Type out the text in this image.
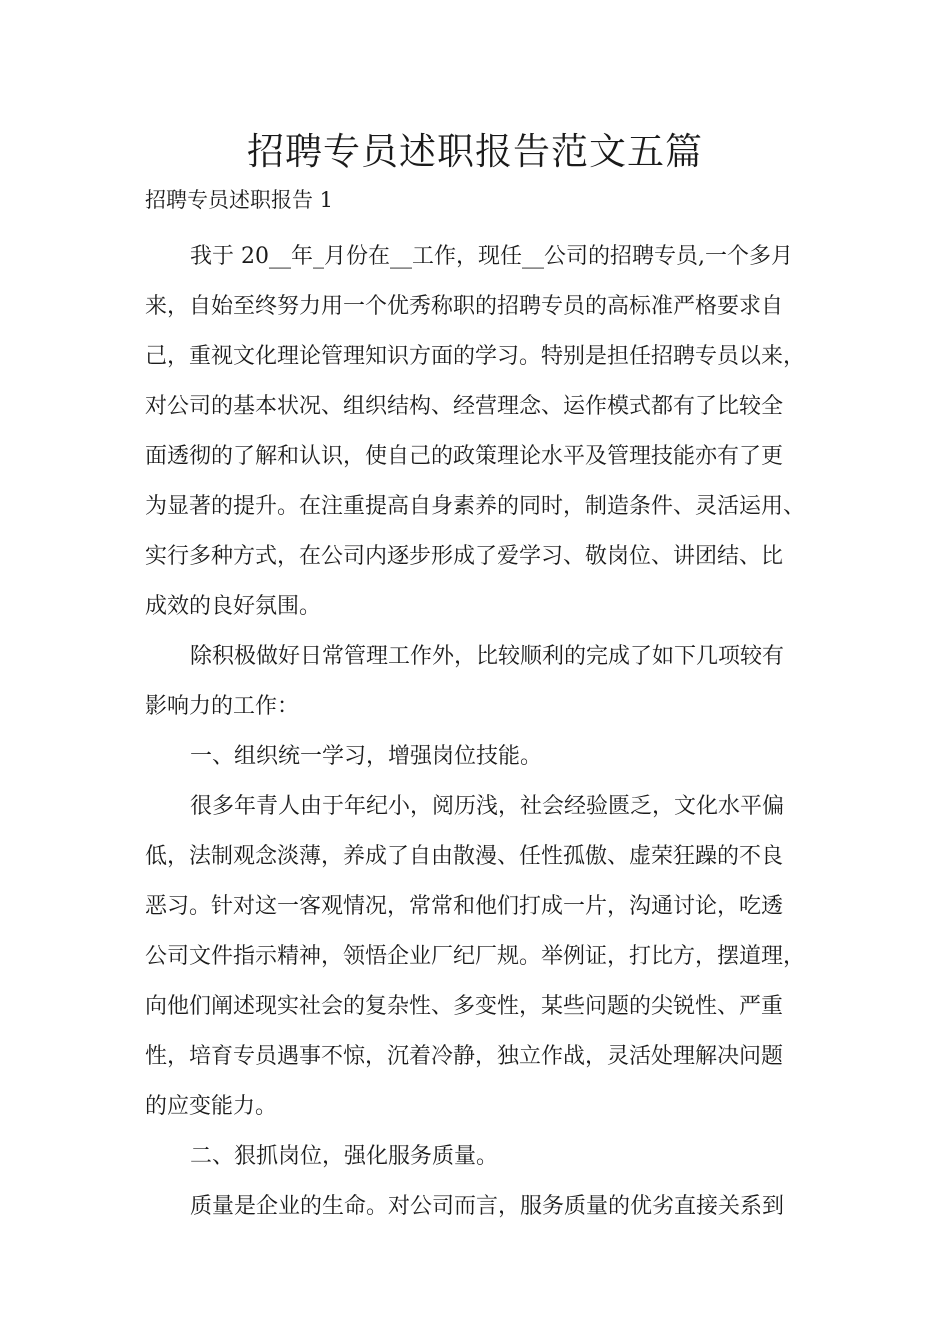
招聘专员述职报告范文五篇

招聘专员述职报告 1

我于 20__年_月份在__工作，现任__公司的招聘专员,一个多月
来，自始至终努力用一个优秀称职的招聘专员的高标准严格要求自
己，重视文化理论管理知识方面的学习。特别是担任招聘专员以来，
对公司的基本状况、组织结构、经营理念、运作模式都有了比较全
面透彻的了解和认识，使自己的政策理论水平及管理技能亦有了更
为显著的提升。在注重提高自身素养的同时，制造条件、灵活运用、
实行多种方式，在公司内逐步形成了爱学习、敬岗位、讲团结、比
成效的良好氛围。

除积极做好日常管理工作外，比较顺利的完成了如下几项较有
影响力的工作：

一、组织统一学习，增强岗位技能。

很多年青人由于年纪小，阅历浅，社会经验匮乏，文化水平偏
低，法制观念淡薄，养成了自由散漫、任性孤傲、虚荣狂躁的不良
恶习。针对这一客观情况，常常和他们打成一片，沟通讨论，吃透
公司文件指示精神，领悟企业厂纪厂规。举例证，打比方，摆道理，
向他们阐述现实社会的复杂性、多变性，某些问题的尖锐性、严重
性，培育专员遇事不惊，沉着冷静，独立作战，灵活处理解决问题
的应变能力。

二、狠抓岗位，强化服务质量。

质量是企业的生命。对公司而言，服务质量的优劣直接关系到
